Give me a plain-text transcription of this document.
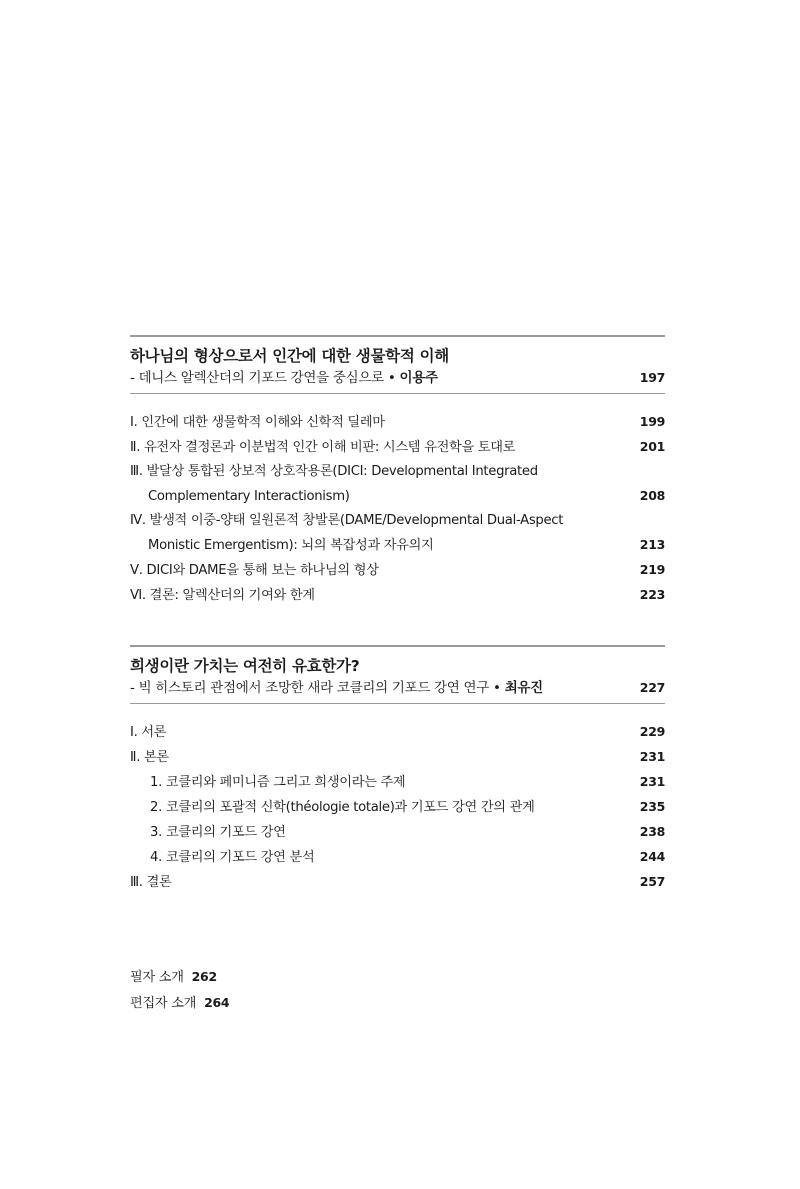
하나님의 형상으로서 인간에 대한 생물학적 이해
- 데니스 알렉산더의 기포드 강연을 중심으로 • 이용주	197
Ⅰ. 인간에 대한 생물학적 이해와 신학적 딜레마	199
Ⅱ. 유전자 결정론과 이분법적 인간 이해 비판: 시스템 유전학을 토대로	201
Ⅲ. 발달상 통합된 상보적 상호작용론(DICI: Developmental Integrated
Complementary Interactionism)	208
Ⅳ. 발생적 이중-양태 일원론적 창발론(DAME/Developmental Dual-Aspect
Monistic Emergentism): 뇌의 복잡성과 자유의지	213
Ⅴ. DICI와 DAME을 통해 보는 하나님의 형상	219
Ⅵ. 결론: 알렉산더의 기여와 한계	223
희생이란 가치는 여전히 유효한가?
- 빅 히스토리 관점에서 조망한 새라 코클리의 기포드 강연 연구 • 최유진	227
Ⅰ. 서론	229
Ⅱ. 본론	231
1. 코클리와 페미니즘 그리고 희생이라는 주제	231
2. 코클리의 포괄적 신학(théologie totale)과 기포드 강연 간의 관계	235
3. 코클리의 기포드 강연	238
4. 코클리의 기포드 강연 분석	244
Ⅲ. 결론	257
필자 소개 262
편집자 소개 264
